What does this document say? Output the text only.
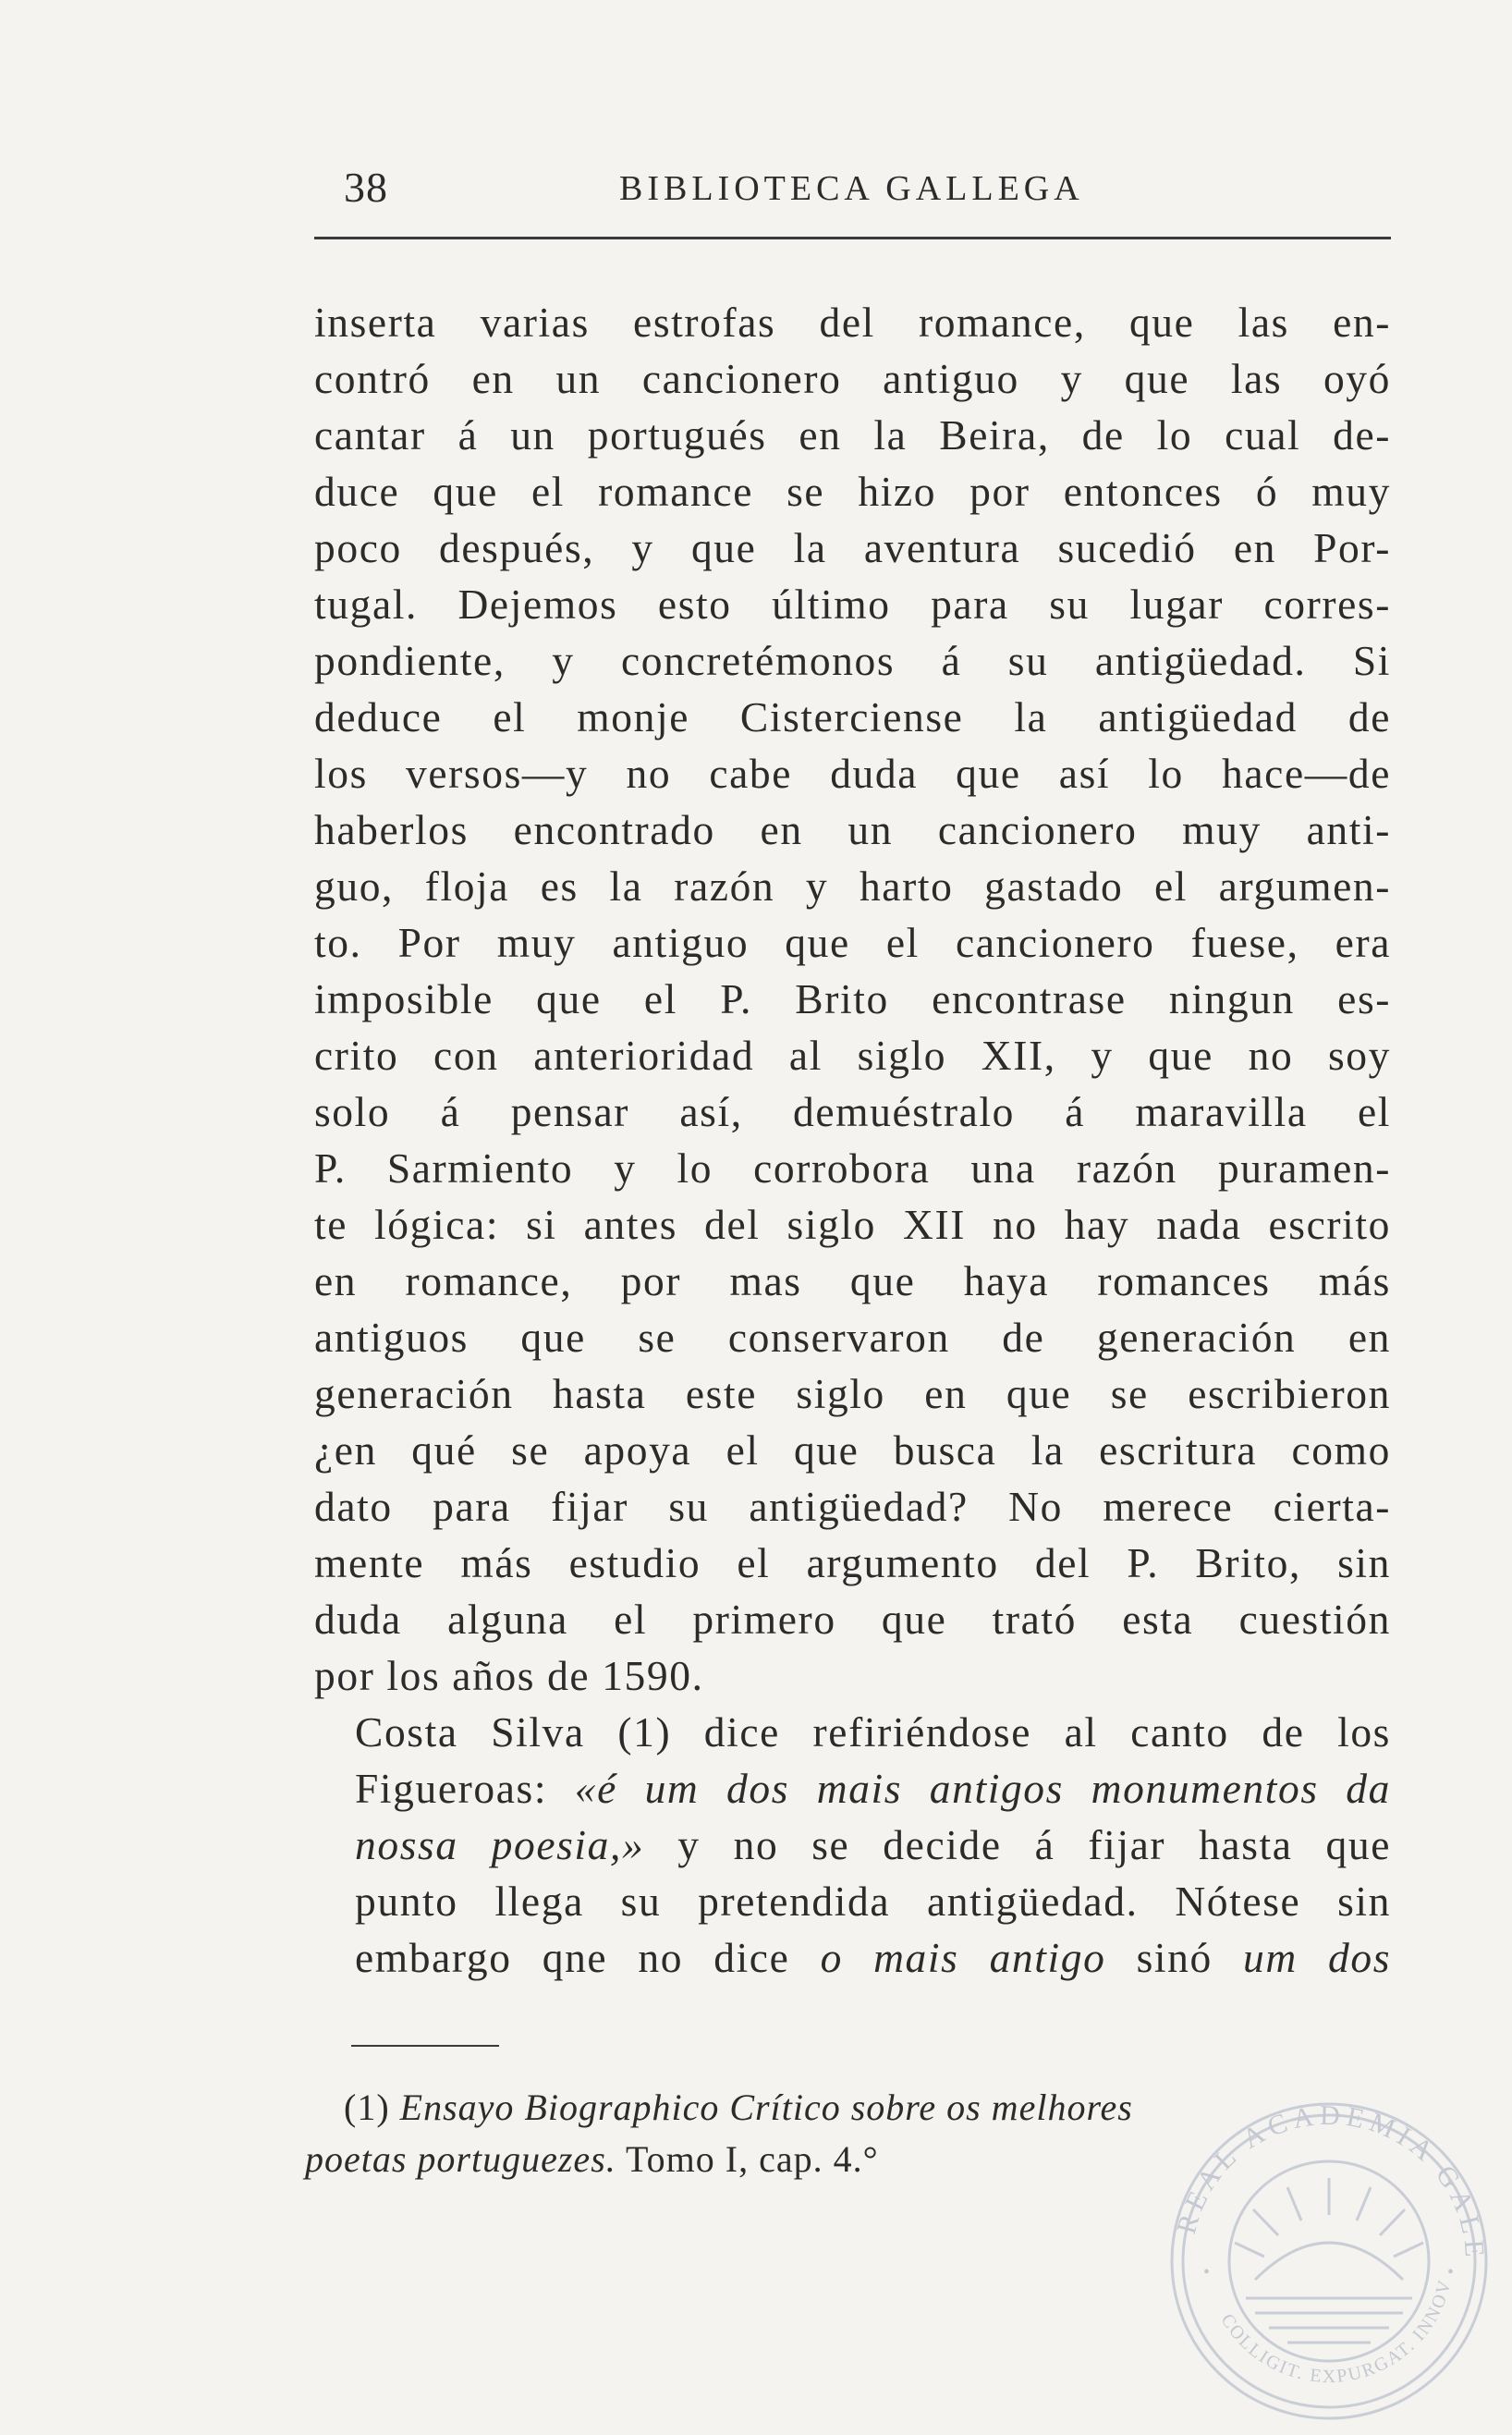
38	BIBLIOTECA GALLEGA

inserta varias estrofas del romance, que las en-
contró en un cancionero antiguo y que las oyó
cantar á un portugués en la Beira, de lo cual de-
duce que el romance se hizo por entonces ó muy
poco después, y que la aventura sucedió en Por-
tugal. Dejemos esto último para su lugar corres-
pondiente, y concretémonos á su antigüedad. Si
deduce el monje Cisterciense la antigüedad de
los versos—y no cabe duda que así lo hace—de
haberlos encontrado en un cancionero muy anti-
guo, floja es la razón y harto gastado el argumen-
to. Por muy antiguo que el cancionero fuese, era
imposible que el P. Brito encontrase ningun es-
crito con anterioridad al siglo XII, y que no soy
solo á pensar así, demuéstralo á maravilla el
P. Sarmiento y lo corrobora una razón puramen-
te lógica: si antes del siglo XII no hay nada escrito
en romance, por mas que haya romances más
antiguos que se conservaron de generación en
generación hasta este siglo en que se escribieron
¿en qué se apoya el que busca la escritura como
dato para fijar su antigüedad? No merece cierta-
mente más estudio el argumento del P. Brito, sin
duda alguna el primero que trató esta cuestión
por los años de 1590.

Costa Silva (1) dice refiriéndose al canto de los
Figueroas: «é um dos mais antigos monumentos da
nossa poesia,» y no se decide á fijar hasta que
punto llega su pretendida antigüedad. Nótese sin
embargo qne no dice o mais antigo sinó um dos

(1) Ensayo Biographico Crítico sobre os melhores
poetas portuguezes. Tomo I, cap. 4.°
REAL ACADEMIA GALE
COLLIGIT. EXPURGAT. INNOV
•	•
